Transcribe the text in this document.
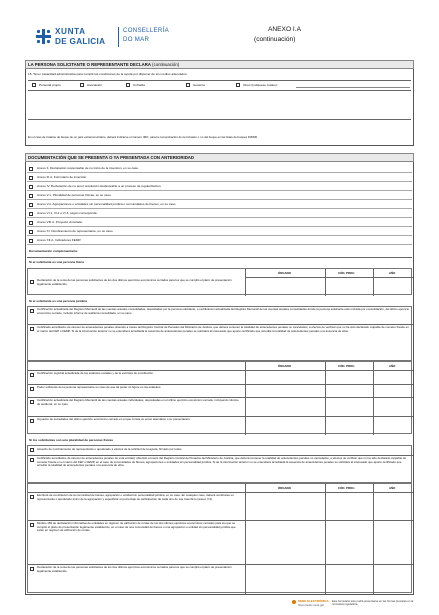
XUNTA
DE GALICIA
CONSELLERÍA
DO MAR
ANEXO I.A
(continuación)
LA PERSONA SOLICITANTE O REPRESENTANTE DECLARA (continuación)
15. Tener capacidad administrativa para cumplir las condiciones de la ayuda por disponer de los medios adecuados:
Personal propio	Asociación	Cofradía	Gestoría	Otros (indíquese cuáles):
En el caso de tratarse de buque de un país extracomunitario, deberá indicarse el número IMO, para la comprobación de la inclusión o no del buque en las listas de buques INDNR.
DOCUMENTACIÓN QUE SE PRESENTA O YA PRESENTADA CON ANTERIORIDAD
Anexo II. Declaración responsable de no inicio de la inversión, en su caso.
Anexo III.A. Formulario de inversión.
Anexo IV. Declaración de no tener resolución desfavorable a un proceso de regularización.
Anexo V.1. Pluralidad de personas físicas, en su caso.
Anexo V.2. Agrupaciones o entidades sin personalidad jurídica o comunidades de bienes, en su caso.
Anexo VI.1, VI.2 o VI.3, según corresponda.
Anexo VIII.A. Proyecto vinculado.
Anexo XI. Nombramiento de representante, en su caso.
Anexo XII.A. Indicadores FEMP.
Documentación complementaria:
Si el solicitante es una persona física
ÓRGANO	CÓD. PROC.	AÑO
Declaración de la renta de las personas solicitantes de los dos últimos ejercicios económicos cerrados para los que se cumplió el plazo de presentación legalmente establecido.
Si el solicitante es una persona jurídica
Certificación actualizada del Registro Mercantil de las cuentas anuales consolidadas, depositadas por la persona solicitante, o certificación actualizada del Registro Mercantil de las cuentas anuales consolidadas donde la persona solicitante esté incluida por consolidación, del último ejercicio económico cerrado, incluido informe de auditoría consolidada, en su caso.
Certificado acreditativo de carecer de antecedentes penales obtenido a través del Registro Central de Penados del Ministerio de Justicia, que deberá contener la totalidad de antecedentes penales no cancelados, a efectos de verificar que no ha sido declarado culpable de cometer fraude en el marco del FEP o FEMP. Si de la información anterior no se entendiera acreditada la ausencia de antecedentes penales se solicitará al interesado que aporte certificado que acredite la totalidad de antecedentes penales o la ausencia de ellos.
ÓRGANO	CÓD. PROC.	AÑO
Certificación registral actualizada de los estatutos sociales y de la escritura de constitución.
Poder suficiente de la persona representante en caso de que tal poder no figure en los estatutos.
Certificación actualizada del Registro Mercantil de las cuentas anuales individuales, depositadas en el último ejercicio económico cerrado, incluyendo informe de auditoría, en su caso.
Impuesto de sociedades del último ejercicio económico cerrado en el que conste su envío telemático o su presentación.
Si los solicitantes son una pluralidad de personas físicas
Acuerdo de nombramiento de representante o apoderado a efectos de la solicitud de la ayuda, firmado por todos.
Certificado acreditativo de carecer de antecedentes penales de esta entidad, obtenido a través del Registro Central de Penados del Ministerio de Justicia, que deberá contener la totalidad de antecedentes penales no cancelados, a efectos de verificar que no ha sido declarado culpable de cometer fraude en el marco del FEP o FEMP, en el caso de comunidades de bienes, agrupaciones o entidades sin personalidad jurídica. Si de la información anterior no se entendiera acreditada la ausencia de antecedentes penales se solicitará al interesado que aporte certificado que acredite la totalidad de antecedentes penales o la ausencia de ellos.
ÓRGANO	CÓD. PROC.	AÑO
Escritura de constitución de la comunidad de bienes, agrupación o entidad sin personalidad jurídica, en su caso. En cualquier caso, deberá nombrarse un representante o apoderado único de la agrupación y especificar el porcentaje de participación de cada uno de sus miembros (anexo V.2).
Modelo 184 de declaración informativa de entidades en régimen de atribución de rentas de los dos últimos ejercicios económicos cerrados para los que se cumplió el plazo de presentación legalmente establecido, en el caso de una comunidad de bienes o una agrupación o entidad sin personalidad jurídica que estén en régimen de atribución de rentas.
Declaración de la renta de las personas solicitantes de los dos últimos ejercicios económicos cerrados para los que se cumplió el plazo de presentación legalmente establecido.
SEDE ELECTRÓNICA
https://sede.xunta.gal
Este formulario solo podrá presentarse en las formas previstas en la normativa reguladora
